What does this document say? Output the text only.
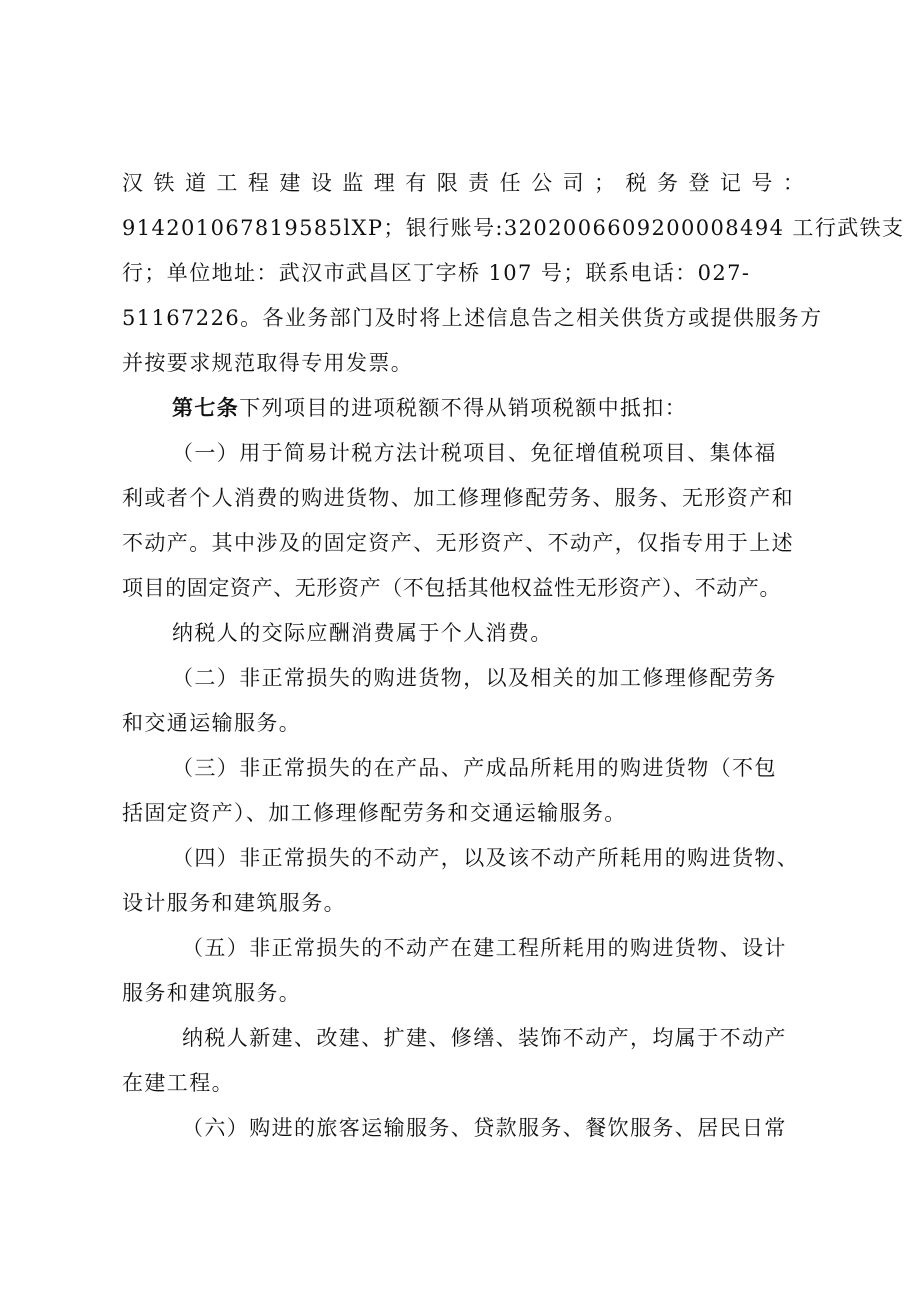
汉 铁 道 工 程 建 设 监 理 有 限 责 任 公 司 ； 税 务 登 记 号 ：
914201067819585lXP；银行账号:3202006609200008494 工行武铁支
行；单位地址：武汉市武昌区丁字桥 107 号；联系电话：027-
51167226。各业务部门及时将上述信息告之相关供货方或提供服务方
并按要求规范取得专用发票。
第七条下列项目的进项税额不得从销项税额中抵扣：
（一）用于简易计税方法计税项目、免征增值税项目、集体福
利或者个人消费的购进货物、加工修理修配劳务、服务、无形资产和
不动产。其中涉及的固定资产、无形资产、不动产，仅指专用于上述
项目的固定资产、无形资产（不包括其他权益性无形资产）、不动产。
纳税人的交际应酬消费属于个人消费。
（二）非正常损失的购进货物，以及相关的加工修理修配劳务
和交通运输服务。
（三）非正常损失的在产品、产成品所耗用的购进货物（不包
括固定资产）、加工修理修配劳务和交通运输服务。
（四）非正常损失的不动产，以及该不动产所耗用的购进货物、
设计服务和建筑服务。
（五）非正常损失的不动产在建工程所耗用的购进货物、设计
服务和建筑服务。
纳税人新建、改建、扩建、修缮、装饰不动产，均属于不动产
在建工程。
（六）购进的旅客运输服务、贷款服务、餐饮服务、居民日常
